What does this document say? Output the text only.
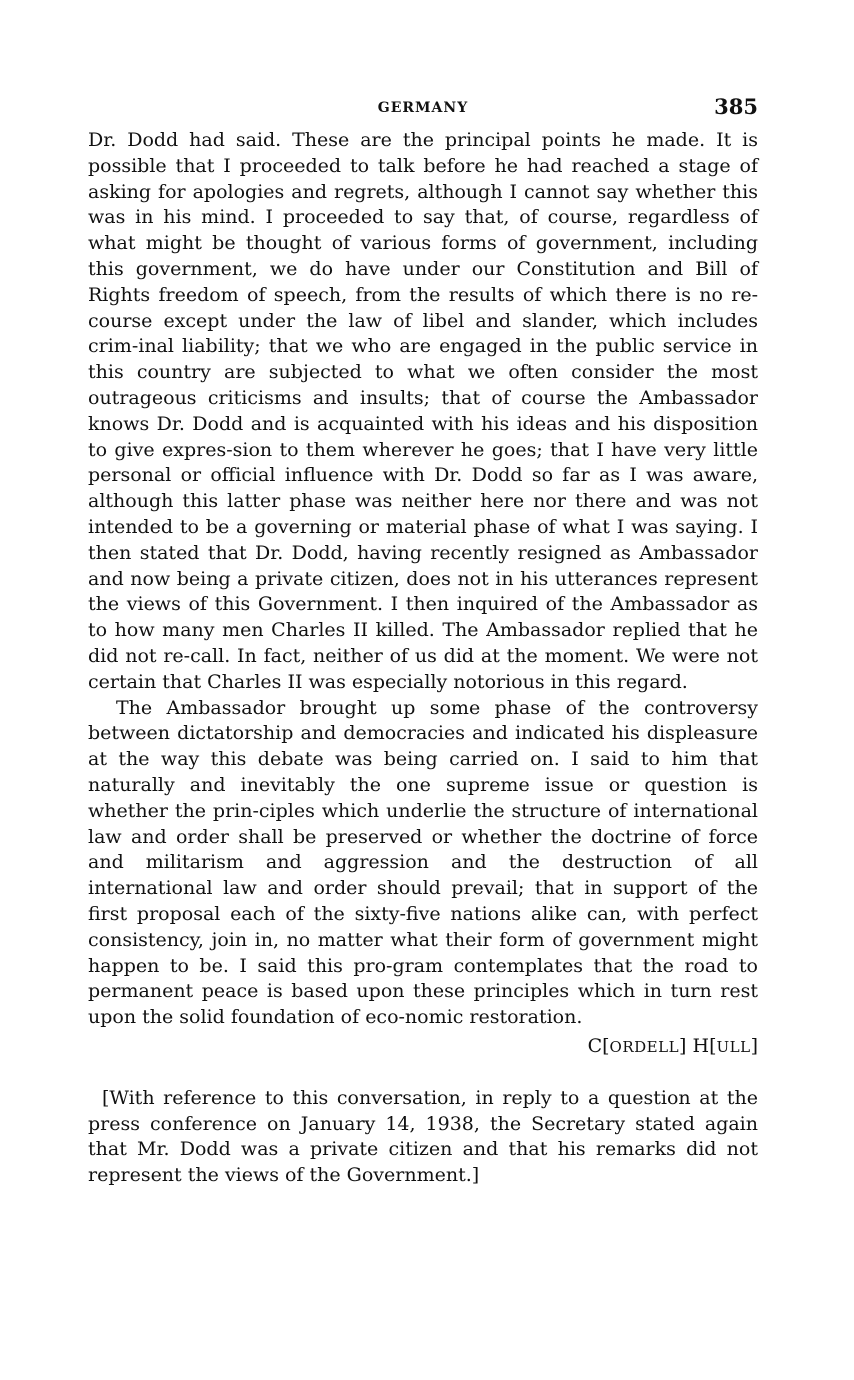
GERMANY	385

Dr. Dodd had said. These are the principal points he made. It is possible that I proceeded to talk before he had reached a stage of asking for apologies and regrets, although I cannot say whether this was in his mind. I proceeded to say that, of course, regardless of what might be thought of various forms of government, including this government, we do have under our Constitution and Bill of Rights freedom of speech, from the results of which there is no re-course except under the law of libel and slander, which includes crim-inal liability; that we who are engaged in the public service in this country are subjected to what we often consider the most outrageous criticisms and insults; that of course the Ambassador knows Dr. Dodd and is acquainted with his ideas and his disposition to give expres-sion to them wherever he goes; that I have very little personal or official influence with Dr. Dodd so far as I was aware, although this latter phase was neither here nor there and was not intended to be a governing or material phase of what I was saying. I then stated that Dr. Dodd, having recently resigned as Ambassador and now being a private citizen, does not in his utterances represent the views of this Government. I then inquired of the Ambassador as to how many men Charles II killed. The Ambassador replied that he did not re-call. In fact, neither of us did at the moment. We were not certain that Charles II was especially notorious in this regard.

The Ambassador brought up some phase of the controversy between dictatorship and democracies and indicated his displeasure at the way this debate was being carried on. I said to him that naturally and inevitably the one supreme issue or question is whether the prin-ciples which underlie the structure of international law and order shall be preserved or whether the doctrine of force and militarism and aggression and the destruction of all international law and order should prevail; that in support of the first proposal each of the sixty-five nations alike can, with perfect consistency, join in, no matter what their form of government might happen to be. I said this pro-gram contemplates that the road to permanent peace is based upon these principles which in turn rest upon the solid foundation of eco-nomic restoration.

C[ORDELL] H[ULL]

[With reference to this conversation, in reply to a question at the press conference on January 14, 1938, the Secretary stated again that Mr. Dodd was a private citizen and that his remarks did not represent the views of the Government.]
